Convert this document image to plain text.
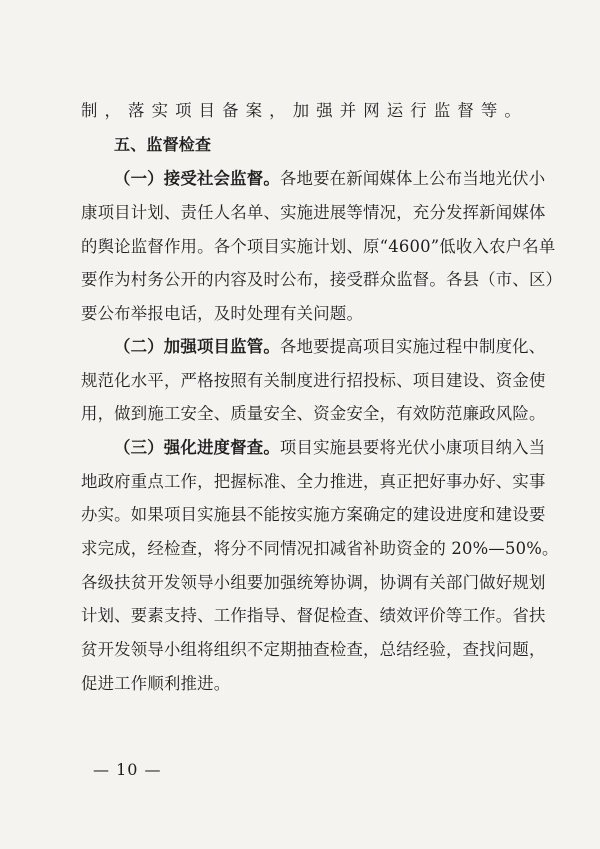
制，落实项目备案，加强并网运行监督等。
五、监督检查
（一）接受社会监督。各地要在新闻媒体上公布当地光伏小
康项目计划、责任人名单、实施进展等情况，充分发挥新闻媒体
的舆论监督作用。各个项目实施计划、原“4600”低收入农户名单
要作为村务公开的内容及时公布，接受群众监督。各县（市、区）
要公布举报电话，及时处理有关问题。
（二）加强项目监管。各地要提高项目实施过程中制度化、
规范化水平，严格按照有关制度进行招投标、项目建设、资金使
用，做到施工安全、质量安全、资金安全，有效防范廉政风险。
（三）强化进度督查。项目实施县要将光伏小康项目纳入当
地政府重点工作，把握标准、全力推进，真正把好事办好、实事
办实。如果项目实施县不能按实施方案确定的建设进度和建设要
求完成，经检查，将分不同情况扣减省补助资金的 20%—50%。
各级扶贫开发领导小组要加强统筹协调，协调有关部门做好规划
计划、要素支持、工作指导、督促检查、绩效评价等工作。省扶
贫开发领导小组将组织不定期抽查检查，总结经验，查找问题，
促进工作顺利推进。
— 10 —
